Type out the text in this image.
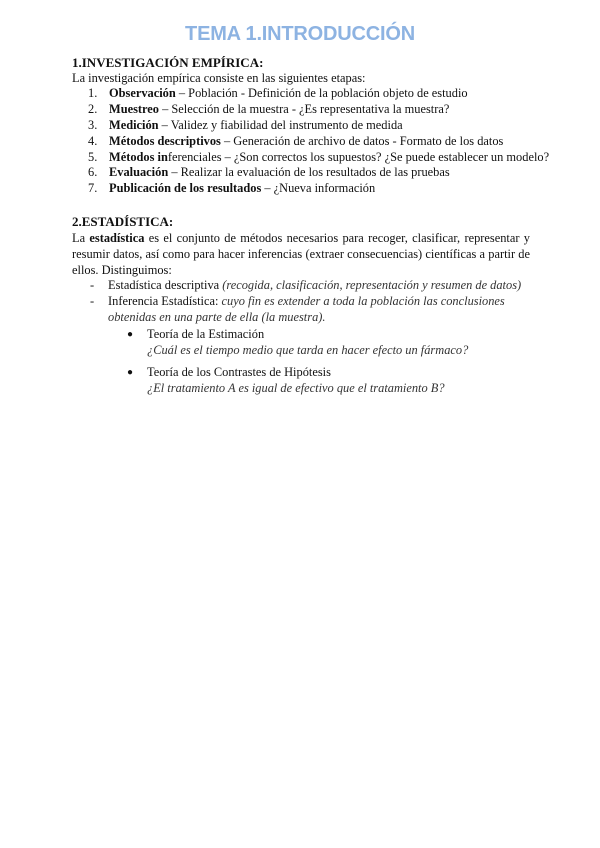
TEMA 1.INTRODUCCIÓN
1.INVESTIGACIÓN EMPÍRICA:
La investigación empírica consiste en las siguientes etapas:
1. Observación – Población - Definición de la población objeto de estudio
2. Muestreo – Selección de la muestra - ¿Es representativa la muestra?
3. Medición – Validez y fiabilidad del instrumento de medida
4. Métodos descriptivos – Generación de archivo de datos - Formato de los datos
5. Métodos inferenciales – ¿Son correctos los supuestos? ¿Se puede establecer un modelo?
6. Evaluación – Realizar la evaluación de los resultados de las pruebas
7. Publicación de los resultados – ¿Nueva información
2.ESTADÍSTICA:
La estadística es el conjunto de métodos necesarios para recoger, clasificar, representar y resumir datos, así como para hacer inferencias (extraer consecuencias) científicas a partir de ellos. Distinguimos:
-	Estadística descriptiva (recogida, clasificación, representación y resumen de datos)
-	Inferencia Estadística: cuyo fin es extender a toda la población las conclusiones obtenidas en una parte de ella (la muestra).
●	Teoría de la Estimación
¿Cuál es el tiempo medio que tarda en hacer efecto un fármaco?
●	Teoría de los Contrastes de Hipótesis
¿El tratamiento A es igual de efectivo que el tratamiento B?
